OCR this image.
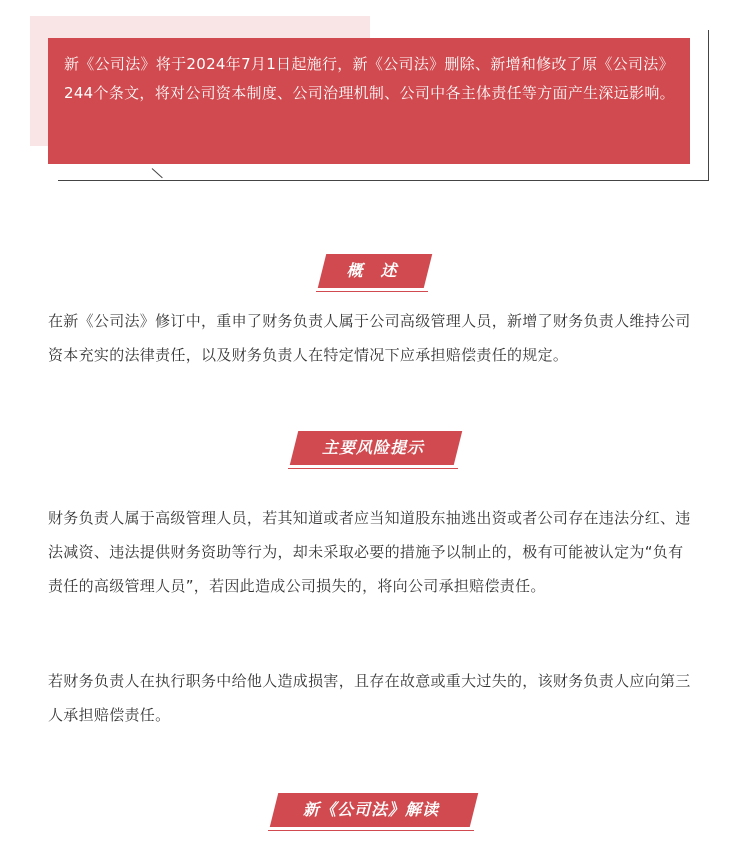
新《公司法》将于2024年7月1日起施行，新《公司法》删除、新增和修改了原《公司法》244个条文，将对公司资本制度、公司治理机制、公司中各主体责任等方面产生深远影响。
概　述
在新《公司法》修订中，重申了财务负责人属于公司高级管理人员，新增了财务负责人维持公司资本充实的法律责任，以及财务负责人在特定情况下应承担赔偿责任的规定。
主要风险提示
财务负责人属于高级管理人员，若其知道或者应当知道股东抽逃出资或者公司存在违法分红、违法减资、违法提供财务资助等行为，却未采取必要的措施予以制止的，极有可能被认定为“负有责任的高级管理人员”，若因此造成公司损失的，将向公司承担赔偿责任。
若财务负责人在执行职务中给他人造成损害，且存在故意或重大过失的，该财务负责人应向第三人承担赔偿责任。
新《公司法》解读
